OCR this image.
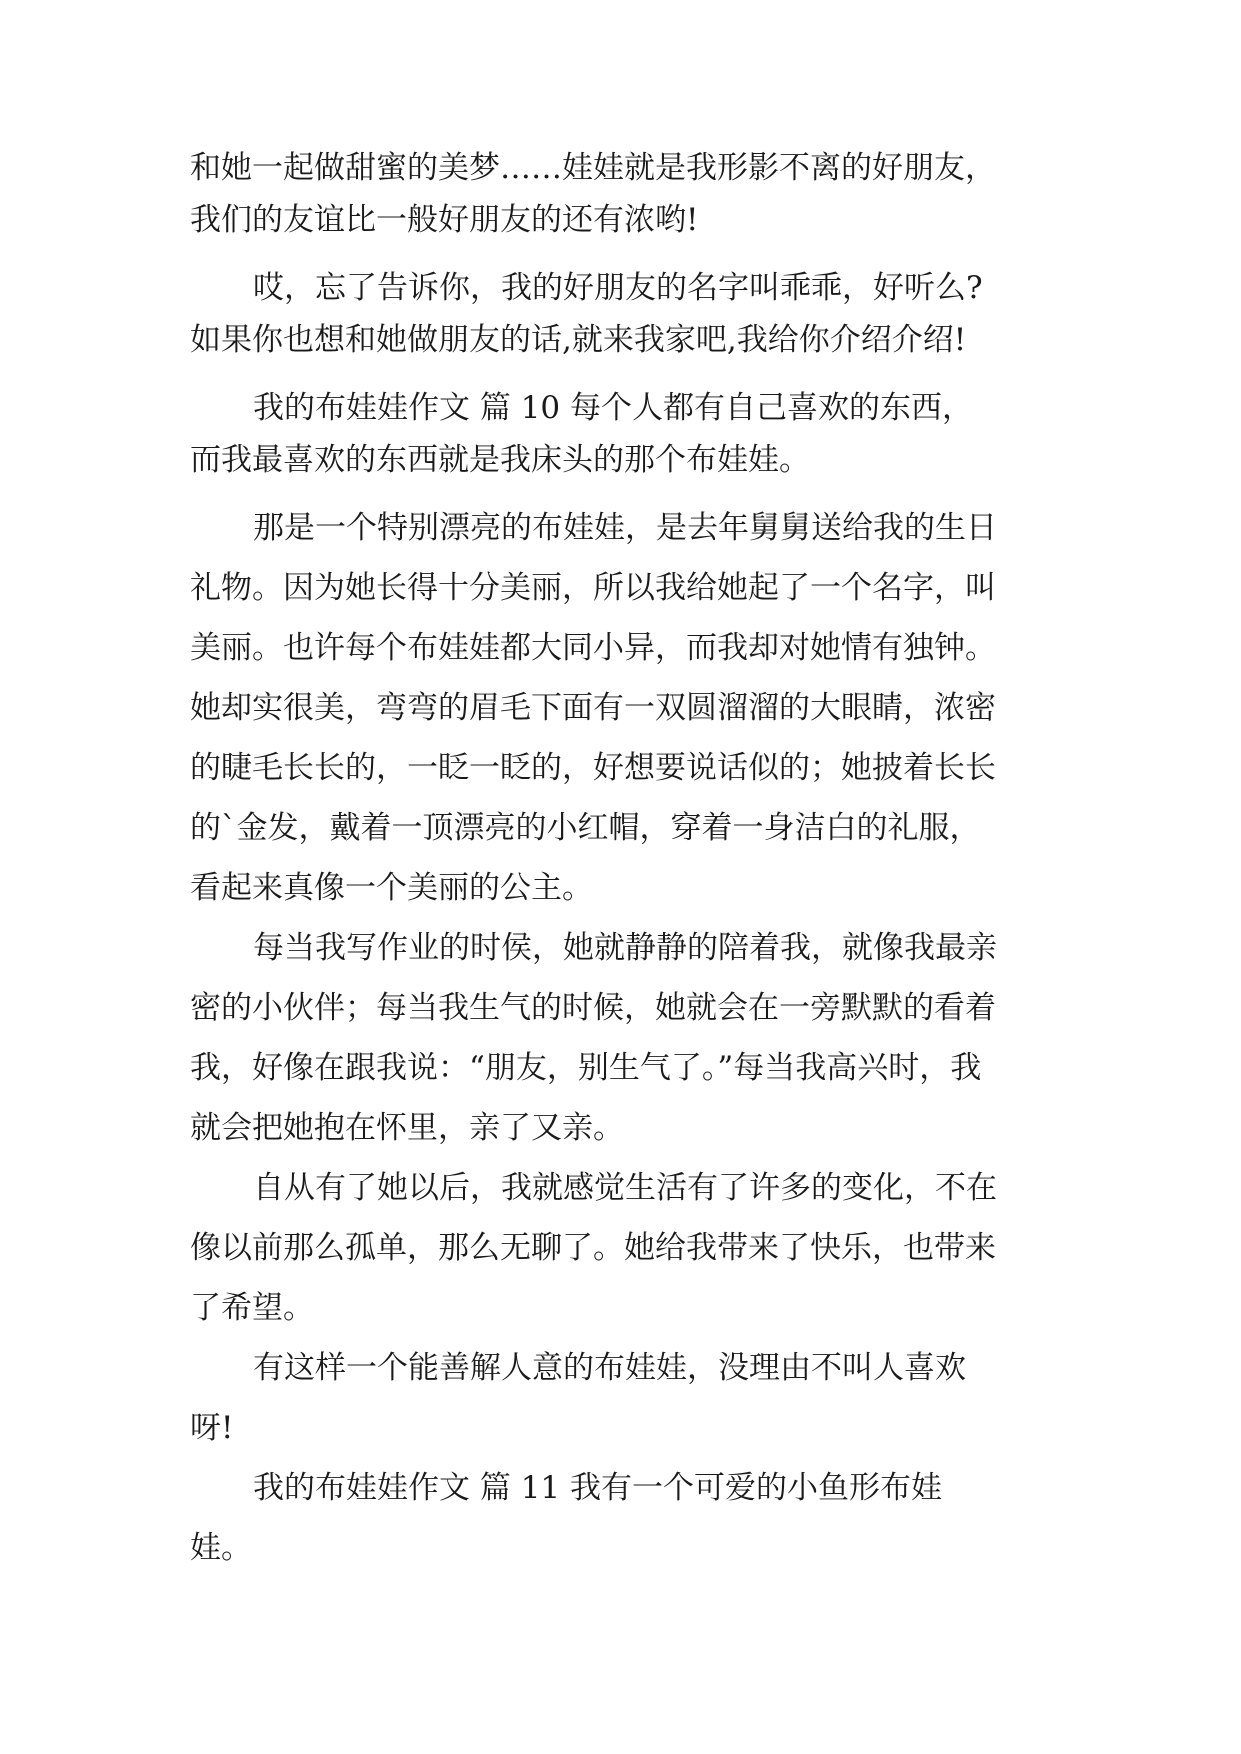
和她一起做甜蜜的美梦……娃娃就是我形影不离的好朋友，
我们的友谊比一般好朋友的还有浓哟!
哎，忘了告诉你，我的好朋友的名字叫乖乖，好听么?
如果你也想和她做朋友的话,就来我家吧,我给你介绍介绍!
我的布娃娃作文 篇 10 每个人都有自己喜欢的东西，
而我最喜欢的东西就是我床头的那个布娃娃。
那是一个特别漂亮的布娃娃，是去年舅舅送给我的生日
礼物。因为她长得十分美丽，所以我给她起了一个名字，叫
美丽。也许每个布娃娃都大同小异，而我却对她情有独钟。
她却实很美，弯弯的眉毛下面有一双圆溜溜的大眼睛，浓密
的睫毛长长的，一眨一眨的，好想要说话似的；她披着长长
的`金发，戴着一顶漂亮的小红帽，穿着一身洁白的礼服，
看起来真像一个美丽的公主。
每当我写作业的时侯，她就静静的陪着我，就像我最亲
密的小伙伴；每当我生气的时候，她就会在一旁默默的看着
我，好像在跟我说：“朋友，别生气了。”每当我高兴时，我
就会把她抱在怀里，亲了又亲。
自从有了她以后，我就感觉生活有了许多的变化，不在
像以前那么孤单，那么无聊了。她给我带来了快乐，也带来
了希望。
有这样一个能善解人意的布娃娃，没理由不叫人喜欢
呀!
我的布娃娃作文 篇 11 我有一个可爱的小鱼形布娃
娃。
